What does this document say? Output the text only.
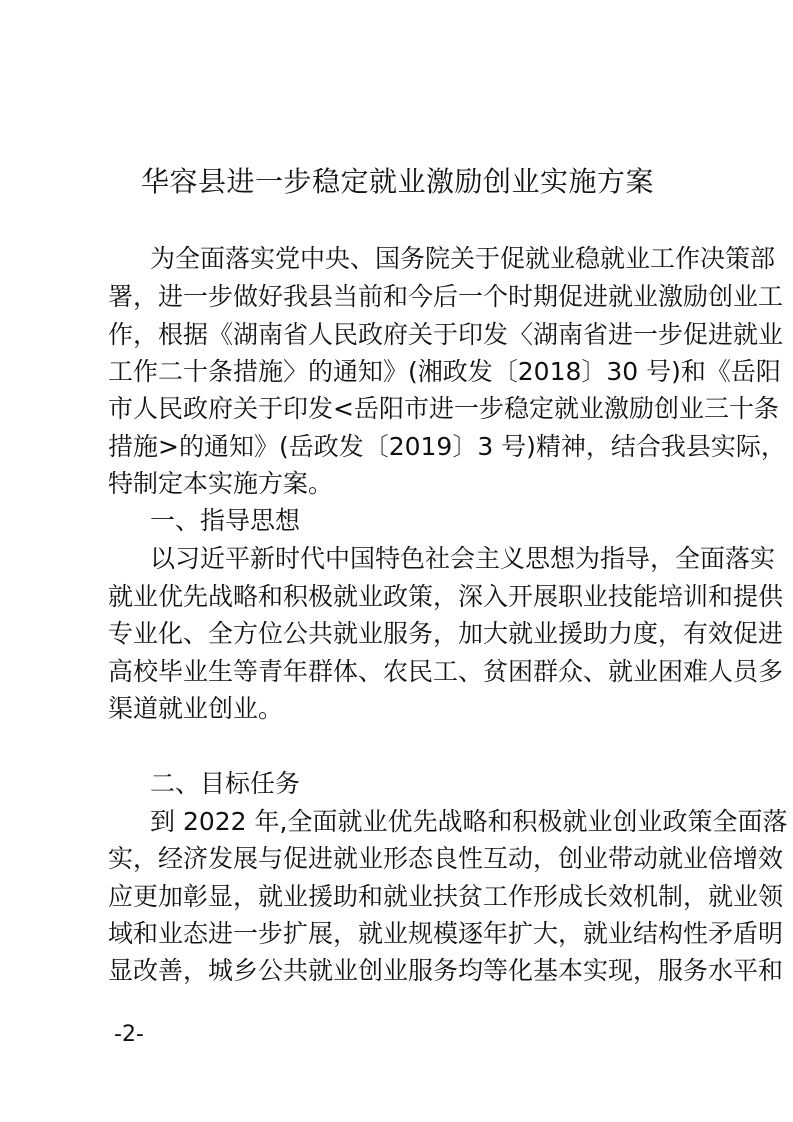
华容县进一步稳定就业激励创业实施方案
为全面落实党中央、国务院关于促就业稳就业工作决策部
署，进一步做好我县当前和今后一个时期促进就业激励创业工
作，根据《湖南省人民政府关于印发〈湖南省进一步促进就业
工作二十条措施〉的通知》(湘政发〔2018〕30 号)和《岳阳
市人民政府关于印发<岳阳市进一步稳定就业激励创业三十条
措施>的通知》(岳政发〔2019〕3 号)精神，结合我县实际，
特制定本实施方案。
一、指导思想
以习近平新时代中国特色社会主义思想为指导，全面落实
就业优先战略和积极就业政策，深入开展职业技能培训和提供
专业化、全方位公共就业服务，加大就业援助力度，有效促进
高校毕业生等青年群体、农民工、贫困群众、就业困难人员多
渠道就业创业。
二、目标任务
到 2022 年,全面就业优先战略和积极就业创业政策全面落
实，经济发展与促进就业形态良性互动，创业带动就业倍增效
应更加彰显，就业援助和就业扶贫工作形成长效机制，就业领
域和业态进一步扩展，就业规模逐年扩大，就业结构性矛盾明
显改善，城乡公共就业创业服务均等化基本实现，服务水平和
-2-
